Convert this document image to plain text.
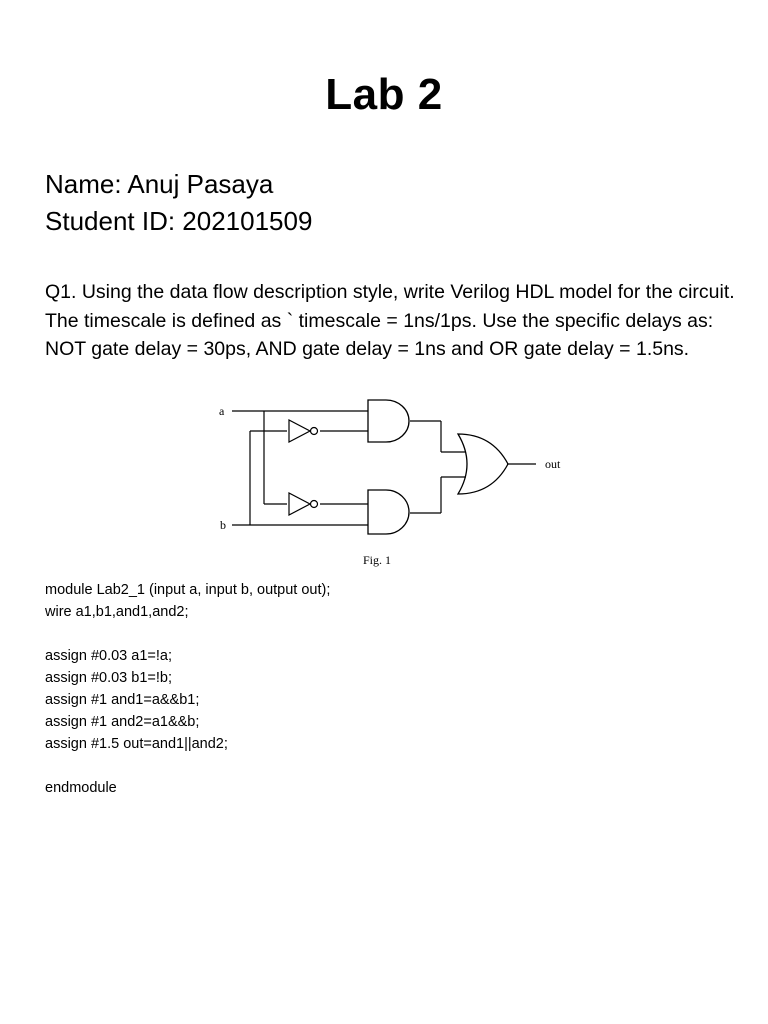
Lab 2
Name: Anuj Pasaya
Student ID: 202101509
Q1. Using the data flow description style, write Verilog HDL model for the circuit. The timescale is defined as ` timescale = 1ns/1ps. Use the specific delays as: NOT gate delay = 30ps, AND gate delay = 1ns and OR gate delay = 1.5ns.
a
b
out
Fig. 1
module Lab2_1 (input a, input b, output out);
wire a1,b1,and1,and2;
assign #0.03 a1=!a;
assign #0.03 b1=!b;
assign #1 and1=a&&b1;
assign #1 and2=a1&&b;
assign #1.5 out=and1||and2;
endmodule
